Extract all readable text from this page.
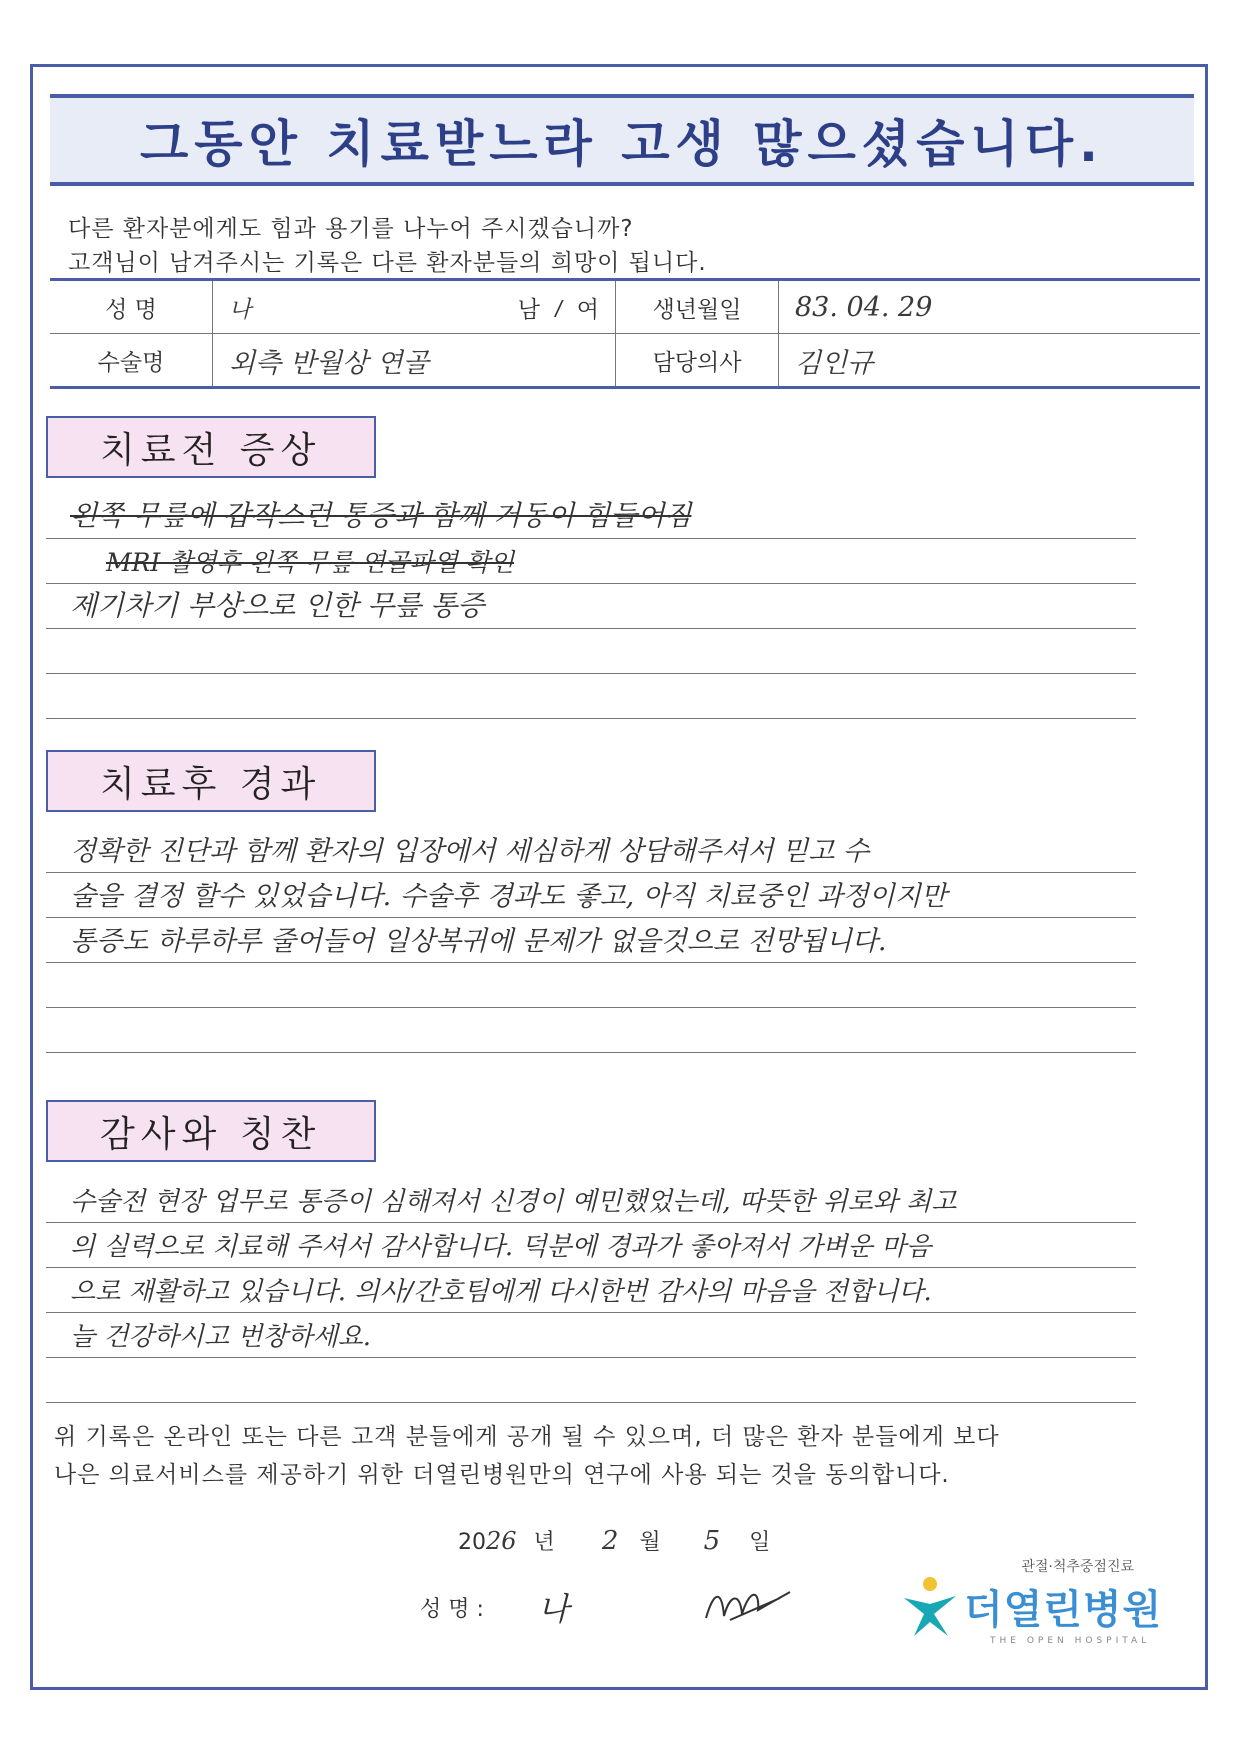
그동안 치료받느라 고생 많으셨습니다.
다른 환자분에게도 힘과 용기를 나누어 주시겠습니까?
고객님이 남겨주시는 기록은 다른 환자분들의 희망이 됩니다.
성 명	나 남 / 여	생년월일	83. 04. 29
수술명	외측 반월상 연골	담당의사	김인규
치료전 증상
왼쪽 무릎에 갑작스런 통증과 함께 거동이 힘들어짐
MRI 촬영후 왼쪽 무릎 연골파열 확인
제기차기 부상으로 인한 무릎 통증
치료후 경과
정확한 진단과 함께 환자의 입장에서 세심하게 상담해주셔서 믿고 수
술을 결정 할수 있었습니다. 수술후 경과도 좋고, 아직 치료중인 과정이지만
통증도 하루하루 줄어들어 일상복귀에 문제가 없을것으로 전망됩니다.
감사와 칭찬
수술전 현장 업무로 통증이 심해져서 신경이 예민했었는데, 따뜻한 위로와 최고
의 실력으로 치료해 주셔서 감사합니다. 덕분에 경과가 좋아져서 가벼운 마음
으로 재활하고 있습니다. 의사/간호팀에게 다시한번 감사의 마음을 전합니다.
늘 건강하시고 번창하세요.
위 기록은 온라인 또는 다른 고객 분들에게 공개 될 수 있으며, 더 많은 환자 분들에게 보다
나은 의료서비스를 제공하기 위한 더열린병원만의 연구에 사용 되는 것을 동의합니다.
2026 년 2 월 5 일
성 명 : 나
관절·척추중점진료
더열린병원
THE OPEN HOSPITAL
